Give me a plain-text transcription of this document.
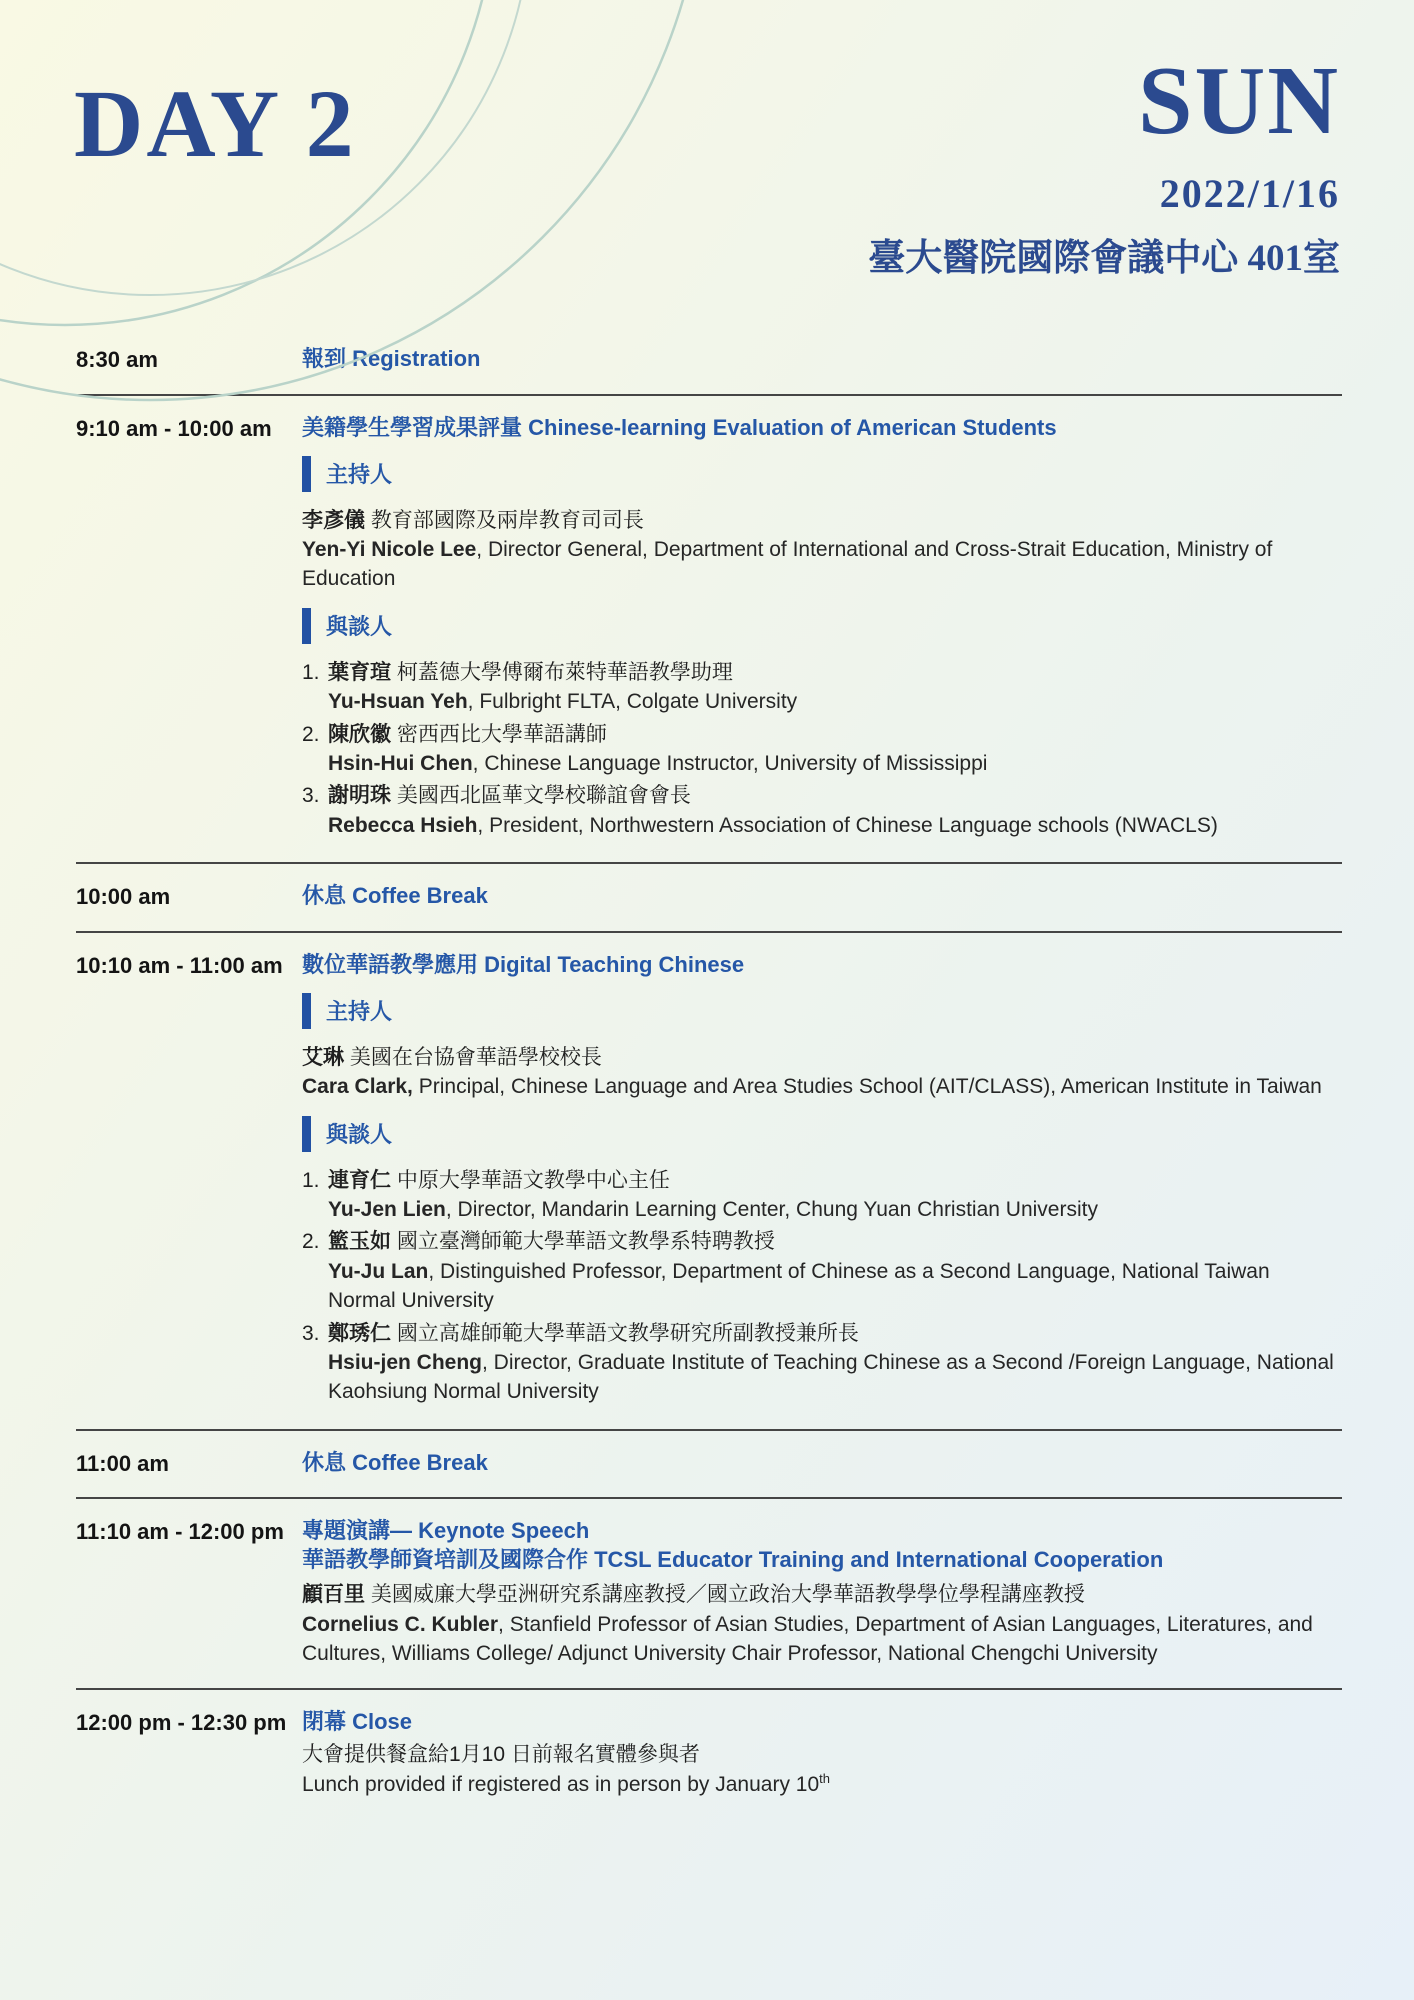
DAY 2	SUN
2022/1/16
臺大醫院國際會議中心 401室
8:30 am	報到 Registration
9:10 am - 10:00 am	美籍學生學習成果評量 Chinese-learning Evaluation of American Students
主持人
李彥儀 教育部國際及兩岸教育司司長
Yen-Yi Nicole Lee, Director General, Department of International and Cross-Strait Education, Ministry of Education
與談人
1. 葉育瑄 柯蓋德大學傅爾布萊特華語教學助理
Yu-Hsuan Yeh, Fulbright FLTA, Colgate University
2. 陳欣徽 密西西比大學華語講師
Hsin-Hui Chen, Chinese Language Instructor, University of Mississippi
3. 謝明珠 美國西北區華文學校聯誼會會長
Rebecca Hsieh, President, Northwestern Association of Chinese Language schools (NWACLS)
10:00 am	休息 Coffee Break
10:10 am - 11:00 am 數位華語教學應用 Digital Teaching Chinese
主持人
艾琳 美國在台協會華語學校校長
Cara Clark, Principal, Chinese Language and Area Studies School (AIT/CLASS), American Institute in Taiwan
與談人
1. 連育仁 中原大學華語文教學中心主任
Yu-Jen Lien, Director, Mandarin Learning Center, Chung Yuan Christian University
2. 籃玉如 國立臺灣師範大學華語文教學系特聘教授
Yu-Ju Lan, Distinguished Professor, Department of Chinese as a Second Language, National Taiwan Normal University
3. 鄭琇仁 國立高雄師範大學華語文教學研究所副教授兼所長
Hsiu-jen Cheng, Director, Graduate Institute of Teaching Chinese as a Second /Foreign Language, National Kaohsiung Normal University
11:00 am	休息 Coffee Break
11:10 am - 12:00 pm 專題演講— Keynote Speech
華語教學師資培訓及國際合作 TCSL Educator Training and International Cooperation
顧百里 美國威廉大學亞洲研究系講座教授／國立政治大學華語教學學位學程講座教授
Cornelius C. Kubler, Stanfield Professor of Asian Studies, Department of Asian Languages, Literatures, and Cultures, Williams College/ Adjunct University Chair Professor, National Chengchi University
12:00 pm - 12:30 pm 閉幕 Close
大會提供餐盒給1月10 日前報名實體參與者
Lunch provided if registered as in person by January 10th
